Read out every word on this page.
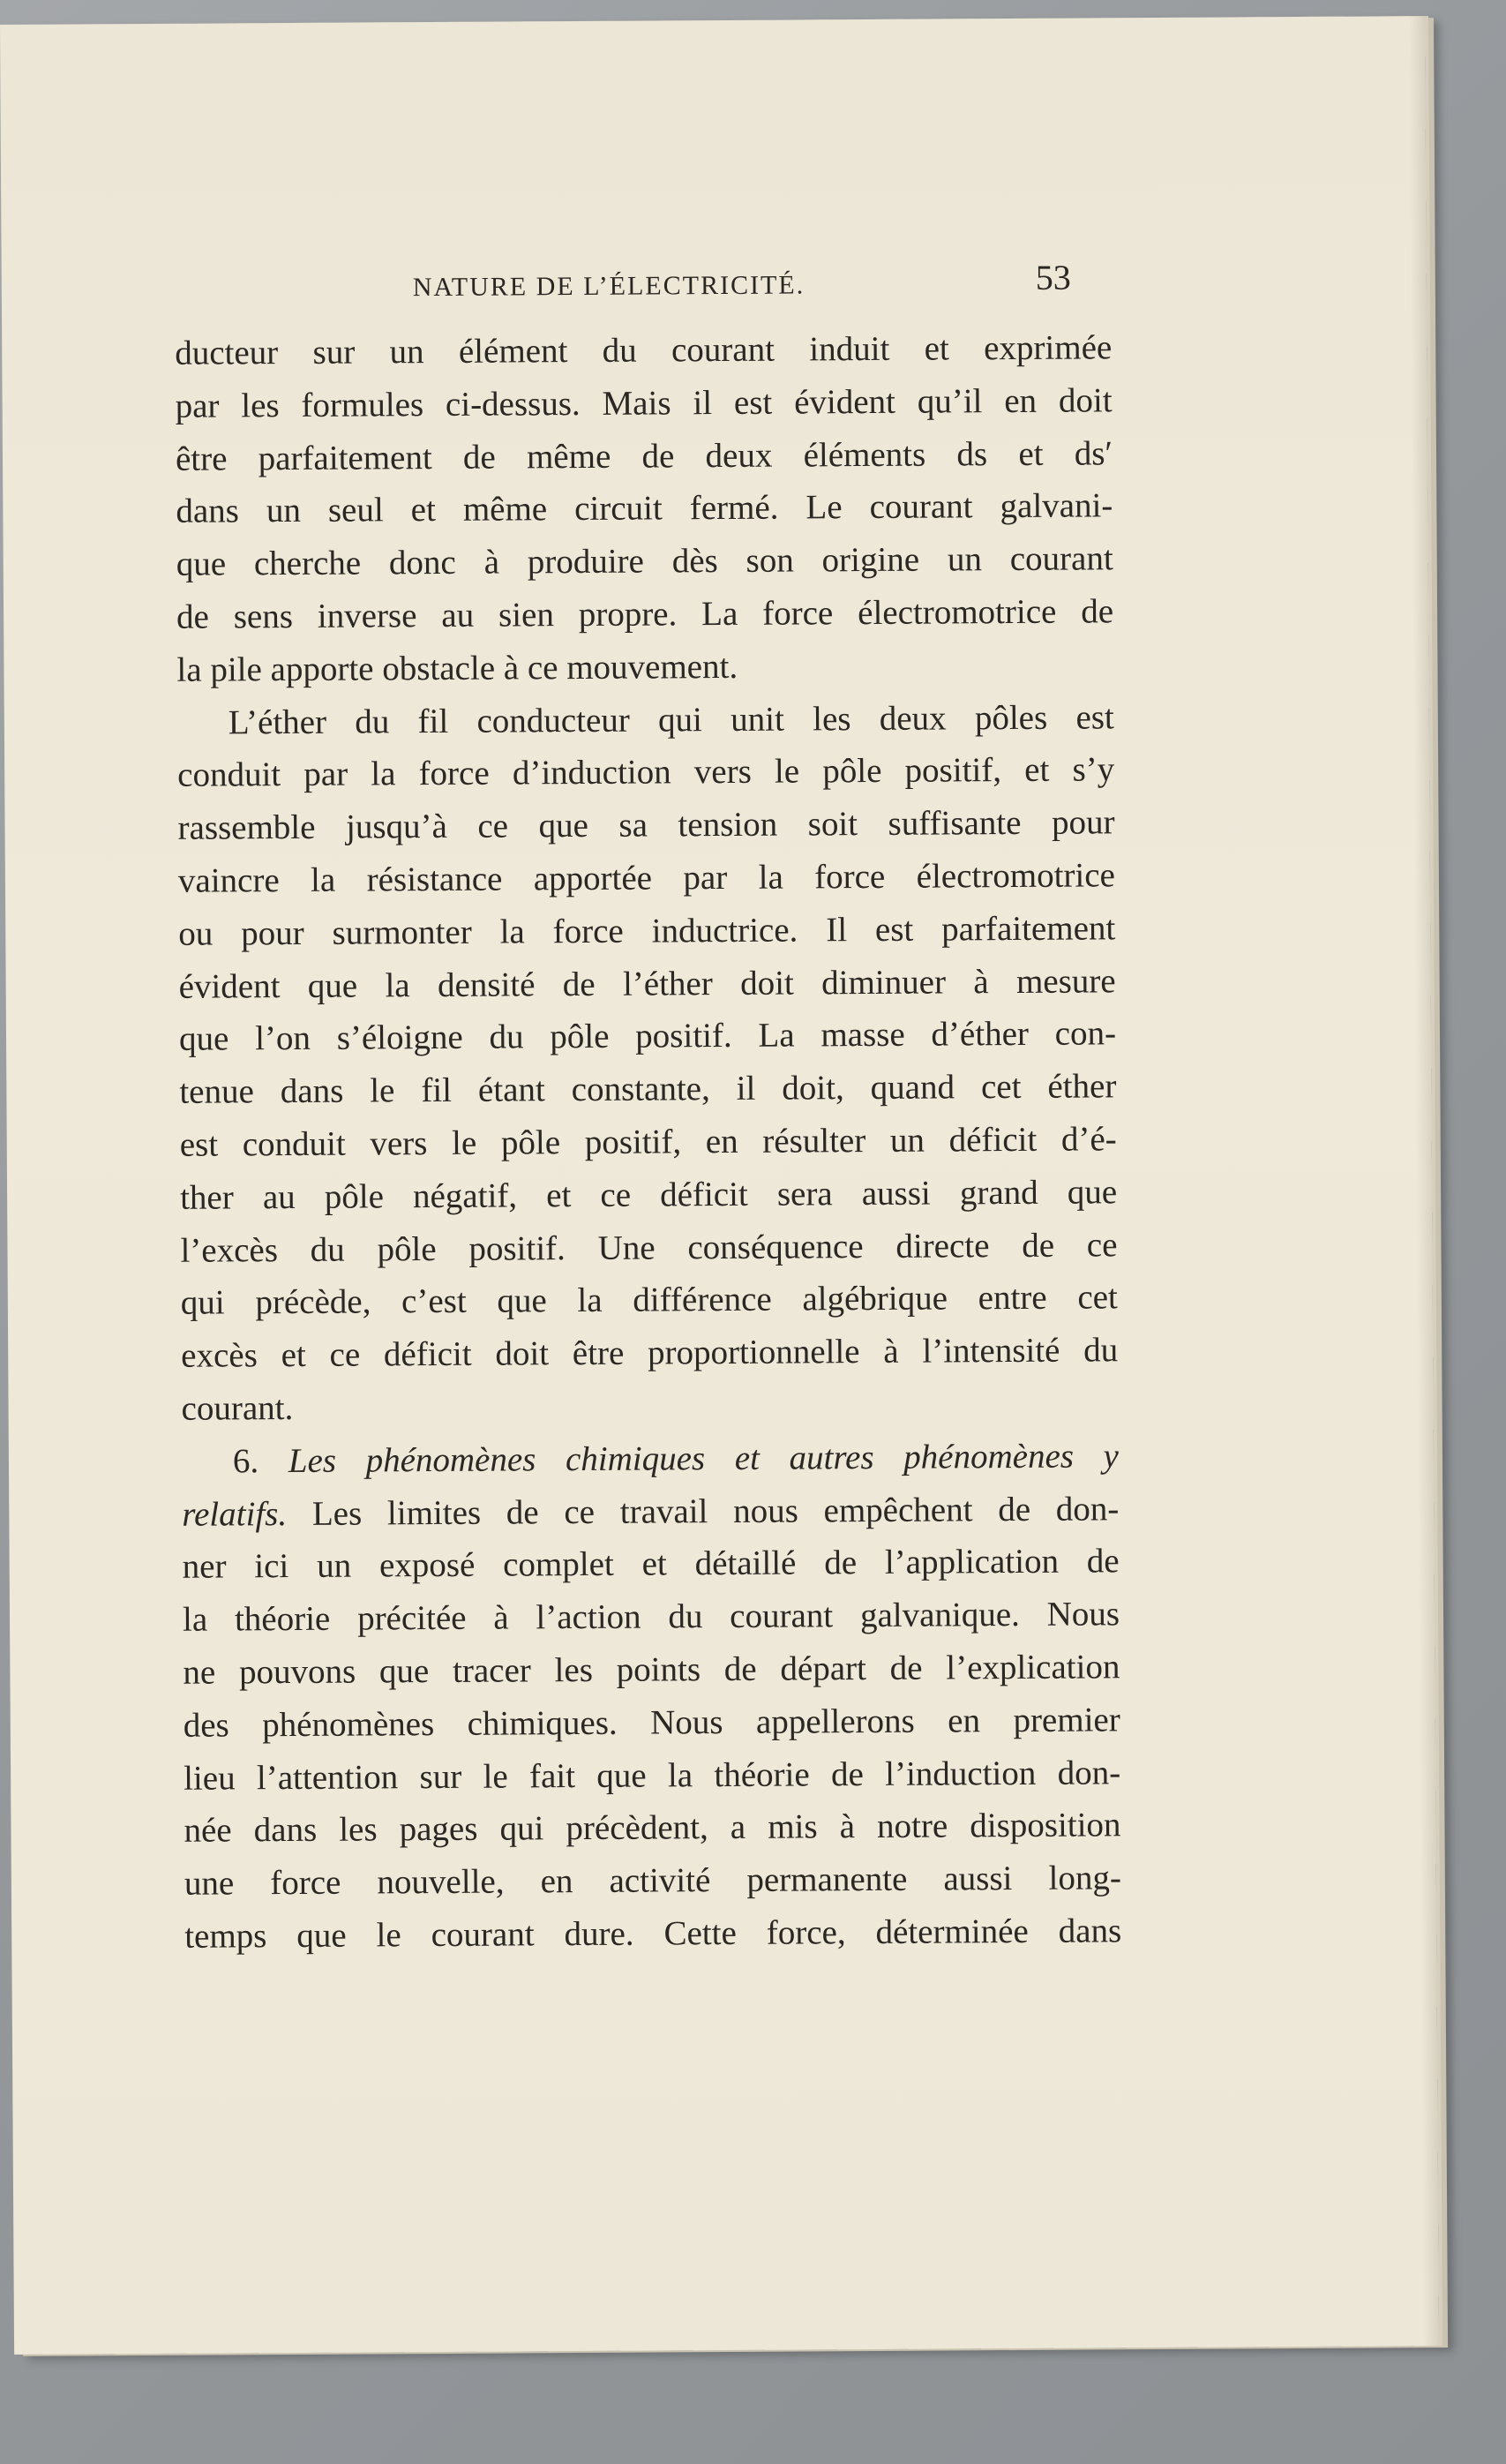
NATURE DE L’ÉLECTRICITÉ.	53
ducteur sur un élément du courant induit et exprimée
par les formules ci-dessus. Mais il est évident qu’il en doit
être parfaitement de même de deux éléments ds et ds′
dans un seul et même circuit fermé. Le courant galvani-
que cherche donc à produire dès son origine un courant
de sens inverse au sien propre. La force électromotrice de
la pile apporte obstacle à ce mouvement.
L’éther du fil conducteur qui unit les deux pôles est
conduit par la force d’induction vers le pôle positif, et s’y
rassemble jusqu’à ce que sa tension soit suffisante pour
vaincre la résistance apportée par la force électromotrice
ou pour surmonter la force inductrice. Il est parfaitement
évident que la densité de l’éther doit diminuer à mesure
que l’on s’éloigne du pôle positif. La masse d’éther con-
tenue dans le fil étant constante, il doit, quand cet éther
est conduit vers le pôle positif, en résulter un déficit d’é-
ther au pôle négatif, et ce déficit sera aussi grand que
l’excès du pôle positif. Une conséquence directe de ce
qui précède, c’est que la différence algébrique entre cet
excès et ce déficit doit être proportionnelle à l’intensité du
courant.
6. Les phénomènes chimiques et autres phénomènes y
relatifs. Les limites de ce travail nous empêchent de don-
ner ici un exposé complet et détaillé de l’application de
la théorie précitée à l’action du courant galvanique. Nous
ne pouvons que tracer les points de départ de l’explication
des phénomènes chimiques. Nous appellerons en premier
lieu l’attention sur le fait que la théorie de l’induction don-
née dans les pages qui précèdent, a mis à notre disposition
une force nouvelle, en activité permanente aussi long-
temps que le courant dure. Cette force, déterminée dans
